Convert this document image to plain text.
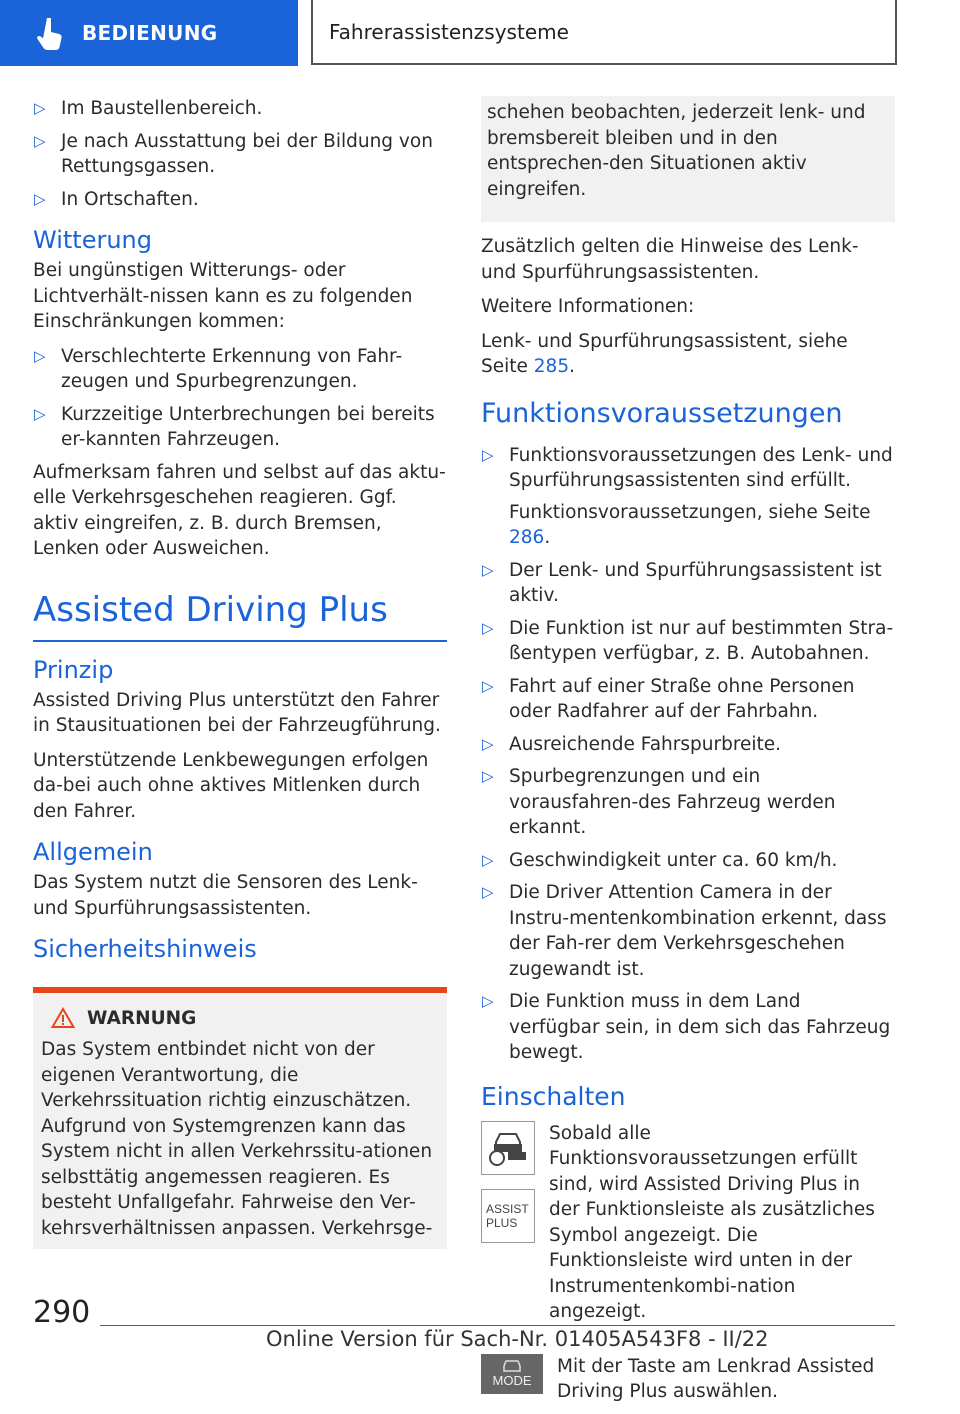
BEDIENUNG	Fahrerassistenzsysteme
▷ Im Baustellenbereich.
▷ Je nach Ausstattung bei der Bildung von Rettungsgassen.
▷ In Ortschaften.
Witterung

Bei ungünstigen Witterungs- oder Lichtverhält-nissen kann es zu folgenden Einschränkungen kommen:

▷ Verschlechterte Erkennung von Fahr-zeugen und Spurbegrenzungen.
▷ Kurzzeitige Unterbrechungen bei bereits er-kannten Fahrzeugen.

Aufmerksam fahren und selbst auf das aktu-elle Verkehrsgeschehen reagieren. Ggf. aktiv eingreifen, z. B. durch Bremsen, Lenken oder Ausweichen.

Assisted Driving Plus
Prinzip

Assisted Driving Plus unterstützt den Fahrer in Stausituationen bei der Fahrzeugführung.

Unterstützende Lenkbewegungen erfolgen da-bei auch ohne aktives Mitlenken durch den Fahrer.

Allgemein

Das System nutzt die Sensoren des Lenk- und Spurführungsassistenten.

Sicherheitshinweis
WARNUNG

Das System entbindet nicht von der eigenen Verantwortung, die Verkehrssituation richtig einzuschätzen. Aufgrund von Systemgrenzen kann das System nicht in allen Verkehrssitu-ationen selbsttätig angemessen reagieren. Es besteht Unfallgefahr. Fahrweise den Ver-kehrsverhältnissen anpassen. Verkehrsge-

schehen beobachten, jederzeit lenk- und bremsbereit bleiben und in den entsprechen-den Situationen aktiv eingreifen.

Zusätzlich gelten die Hinweise des Lenk- und Spurführungsassistenten.

Weitere Informationen:

Lenk- und Spurführungsassistent, siehe Seite 285.

Funktionsvoraussetzungen
▷ Funktionsvoraussetzungen des Lenk- und Spurführungsassistenten sind erfüllt.
Funktionsvoraussetzungen, siehe Seite 286.
▷ Der Lenk- und Spurführungsassistent ist aktiv.
▷ Die Funktion ist nur auf bestimmten Stra-ßentypen verfügbar, z. B. Autobahnen.
▷ Fahrt auf einer Straße ohne Personen oder Radfahrer auf der Fahrbahn.
▷ Ausreichende Fahrspurbreite.
▷ Spurbegrenzungen und ein vorausfahren-des Fahrzeug werden erkannt.
▷ Geschwindigkeit unter ca. 60 km/h.
▷ Die Driver Attention Camera in der Instru-mentenkombination erkennt, dass der Fah-rer dem Verkehrsgeschehen zugewandt ist.
▷ Die Funktion muss in dem Land verfügbar sein, in dem sich das Fahrzeug bewegt.
Einschalten
ASSIST PLUS

Sobald alle Funktionsvoraussetzungen erfüllt sind, wird Assisted Driving Plus in der Funktionsleiste als zusätzliches Symbol angezeigt. Die Funktionsleiste wird unten in der Instrumentenkombi-nation angezeigt.

MODE

Mit der Taste am Lenkrad Assisted Driving Plus auswählen.

290
Online Version für Sach-Nr. 01405A543F8 - II/22
